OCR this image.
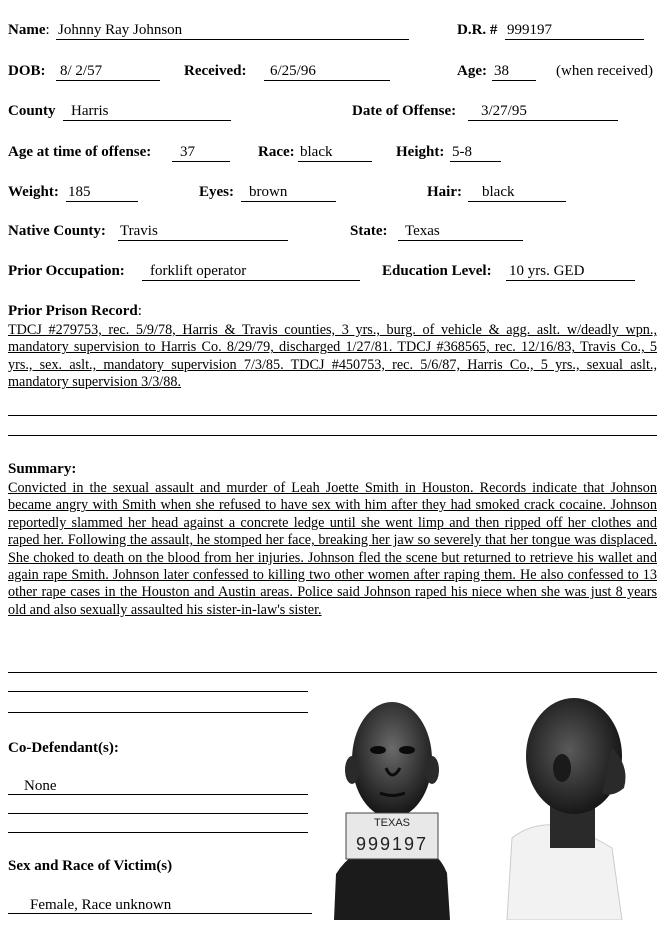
Name: Johnny Ray Johnson	D.R. # 999197
DOB: 8/ 2/57	Received: 6/25/96	Age: 38	(when received)
County Harris	Date of Offense: 3/27/95
Age at time of offense: 37	Race: black	Height: 5-8
Weight: 185	Eyes: brown	Hair: black
Native County: Travis	State: Texas
Prior Occupation: forklift operator	Education Level: 10 yrs. GED
Prior Prison Record:
TDCJ #279753, rec. 5/9/78, Harris & Travis counties, 3 yrs., burg. of vehicle & agg. aslt. w/deadly wpn., mandatory supervision to Harris Co. 8/29/79, discharged 1/27/81. TDCJ #368565, rec. 12/16/83, Travis Co., 5 yrs., sex. aslt., mandatory supervision 7/3/85. TDCJ #450753, rec. 5/6/87, Harris Co., 5 yrs., sexual aslt., mandatory supervision 3/3/88.
Summary:
Convicted in the sexual assault and murder of Leah Joette Smith in Houston. Records indicate that Johnson became angry with Smith when she refused to have sex with him after they had smoked crack cocaine. Johnson reportedly slammed her head against a concrete ledge until she went limp and then ripped off her clothes and raped her. Following the assault, he stomped her face, breaking her jaw so severely that her tongue was displaced. She choked to death on the blood from her injuries. Johnson fled the scene but returned to retrieve his wallet and again rape Smith. Johnson later confessed to killing two other women after raping them. He also confessed to 13 other rape cases in the Houston and Austin areas. Police said Johnson raped his niece when she was just 8 years old and also sexually assaulted his sister-in-law's sister.
Co-Defendant(s):
None
Sex and Race of Victim(s)
Female, Race unknown
TEXAS
999197
